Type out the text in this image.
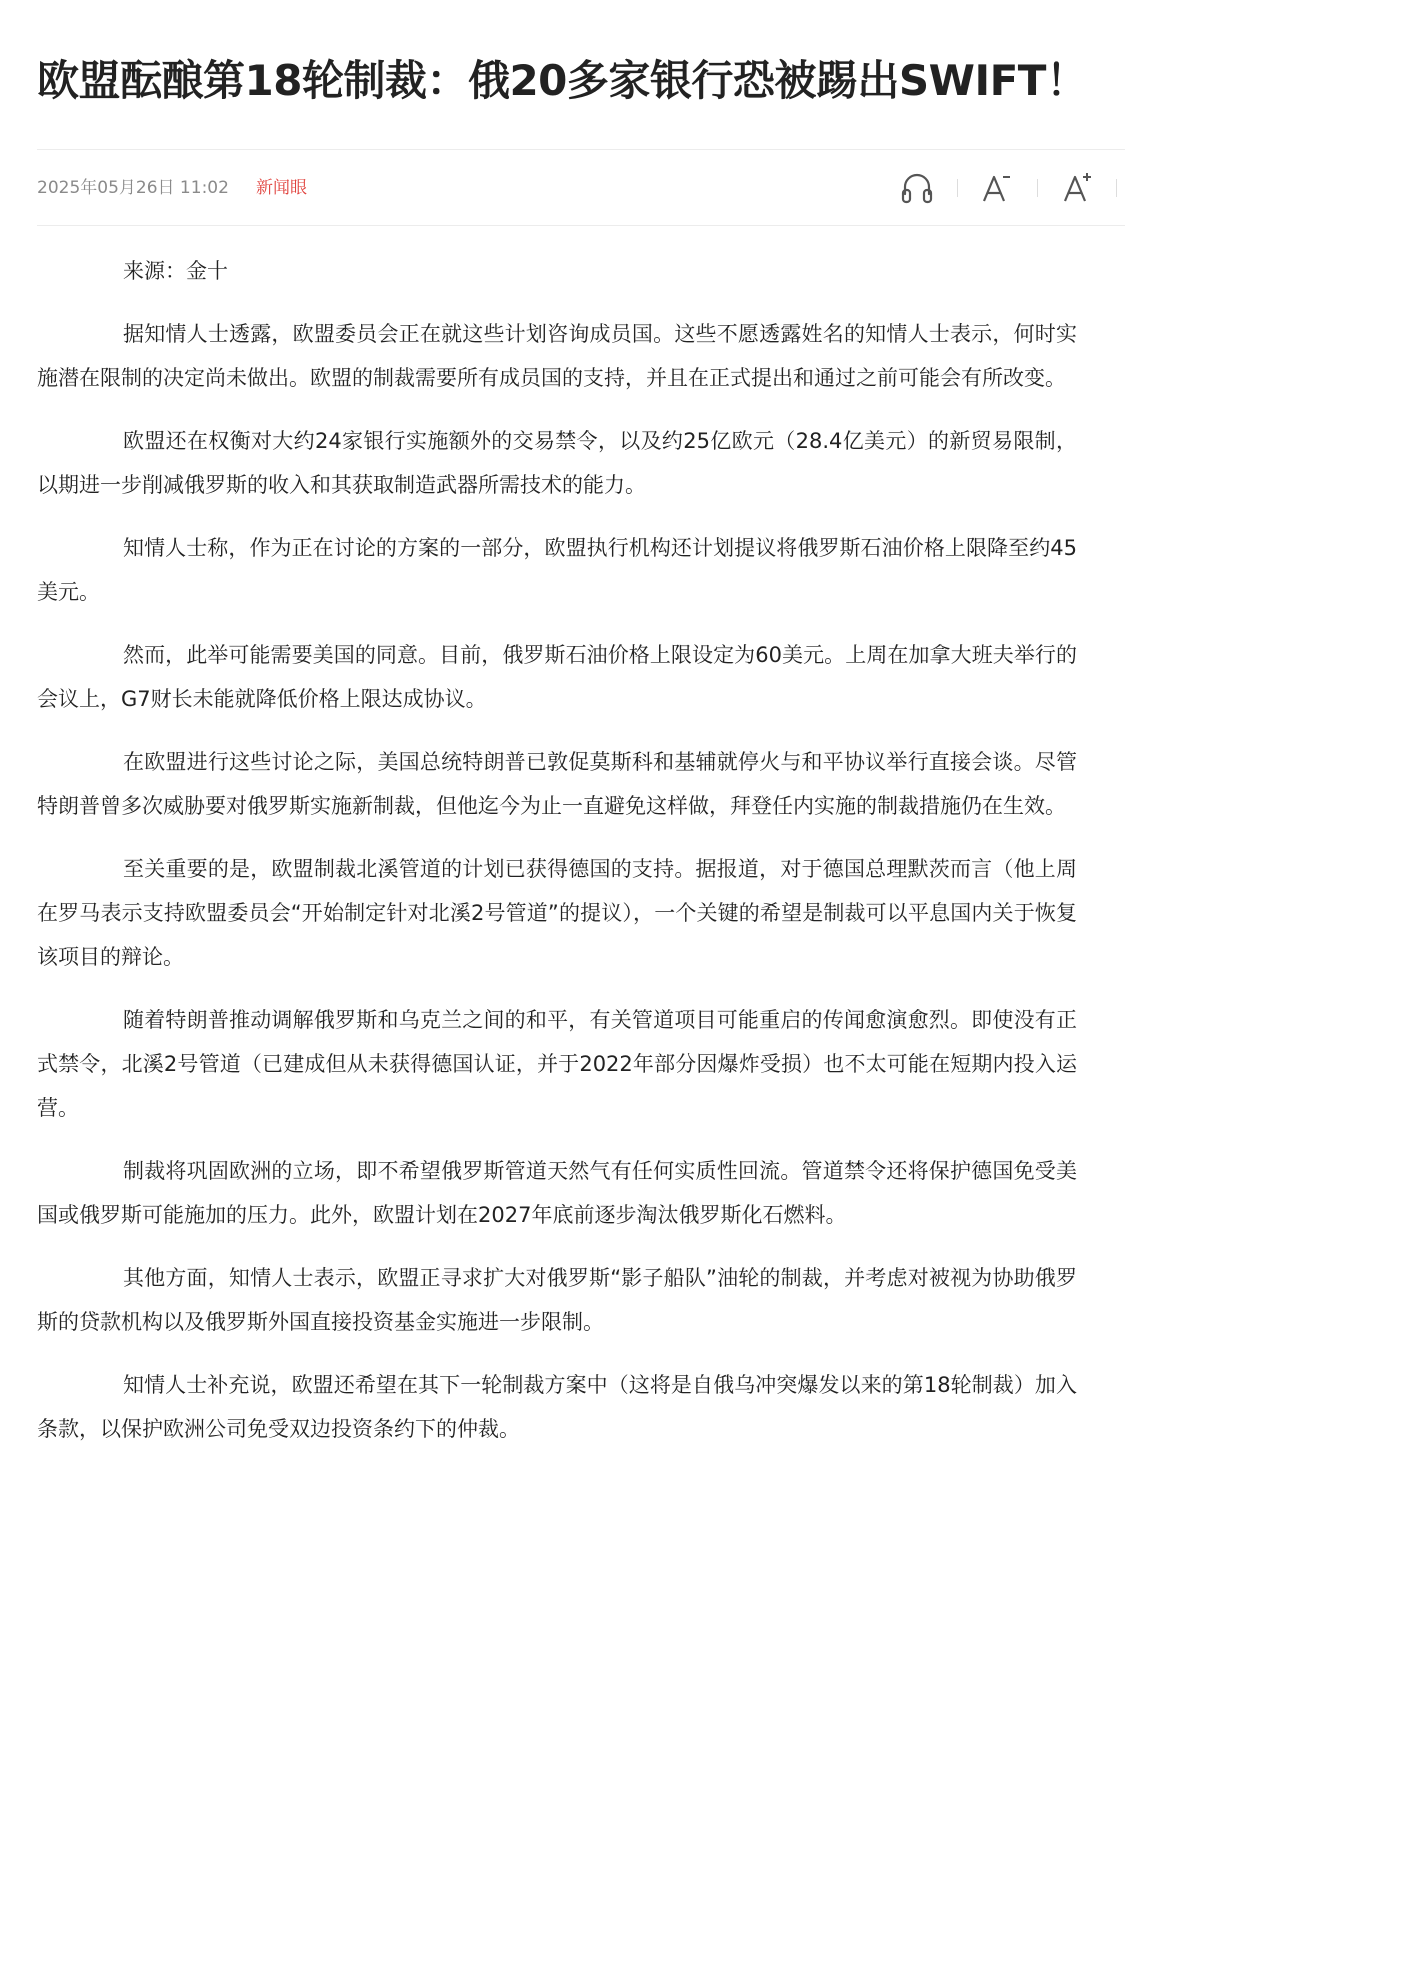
欧盟酝酿第18轮制裁：俄20多家银行恐被踢出SWIFT！
2025年05月26日 11:02 新闻眼

来源：金十

据知情人士透露，欧盟委员会正在就这些计划咨询成员国。这些不愿透露姓名的知情人士表示，何时实施潜在限制的决定尚未做出。欧盟的制裁需要所有成员国的支持，并且在正式提出和通过之前可能会有所改变。

欧盟还在权衡对大约24家银行实施额外的交易禁令，以及约25亿欧元（28.4亿美元）的新贸易限制，以期进一步削减俄罗斯的收入和其获取制造武器所需技术的能力。

知情人士称，作为正在讨论的方案的一部分，欧盟执行机构还计划提议将俄罗斯石油价格上限降至约45美元。

然而，此举可能需要美国的同意。目前，俄罗斯石油价格上限设定为60美元。上周在加拿大班夫举行的会议上，G7财长未能就降低价格上限达成协议。

在欧盟进行这些讨论之际，美国总统特朗普已敦促莫斯科和基辅就停火与和平协议举行直接会谈。尽管特朗普曾多次威胁要对俄罗斯实施新制裁，但他迄今为止一直避免这样做，拜登任内实施的制裁措施仍在生效。

至关重要的是，欧盟制裁北溪管道的计划已获得德国的支持。据报道，对于德国总理默茨而言（他上周在罗马表示支持欧盟委员会“开始制定针对北溪2号管道”的提议），一个关键的希望是制裁可以平息国内关于恢复该项目的辩论。

随着特朗普推动调解俄罗斯和乌克兰之间的和平，有关管道项目可能重启的传闻愈演愈烈。即使没有正式禁令，北溪2号管道（已建成但从未获得德国认证，并于2022年部分因爆炸受损）也不太可能在短期内投入运营。

制裁将巩固欧洲的立场，即不希望俄罗斯管道天然气有任何实质性回流。管道禁令还将保护德国免受美国或俄罗斯可能施加的压力。此外，欧盟计划在2027年底前逐步淘汰俄罗斯化石燃料。

其他方面，知情人士表示，欧盟正寻求扩大对俄罗斯“影子船队”油轮的制裁，并考虑对被视为协助俄罗斯的贷款机构以及俄罗斯外国直接投资基金实施进一步限制。

知情人士补充说，欧盟还希望在其下一轮制裁方案中（这将是自俄乌冲突爆发以来的第18轮制裁）加入条款，以保护欧洲公司免受双边投资条约下的仲裁。
